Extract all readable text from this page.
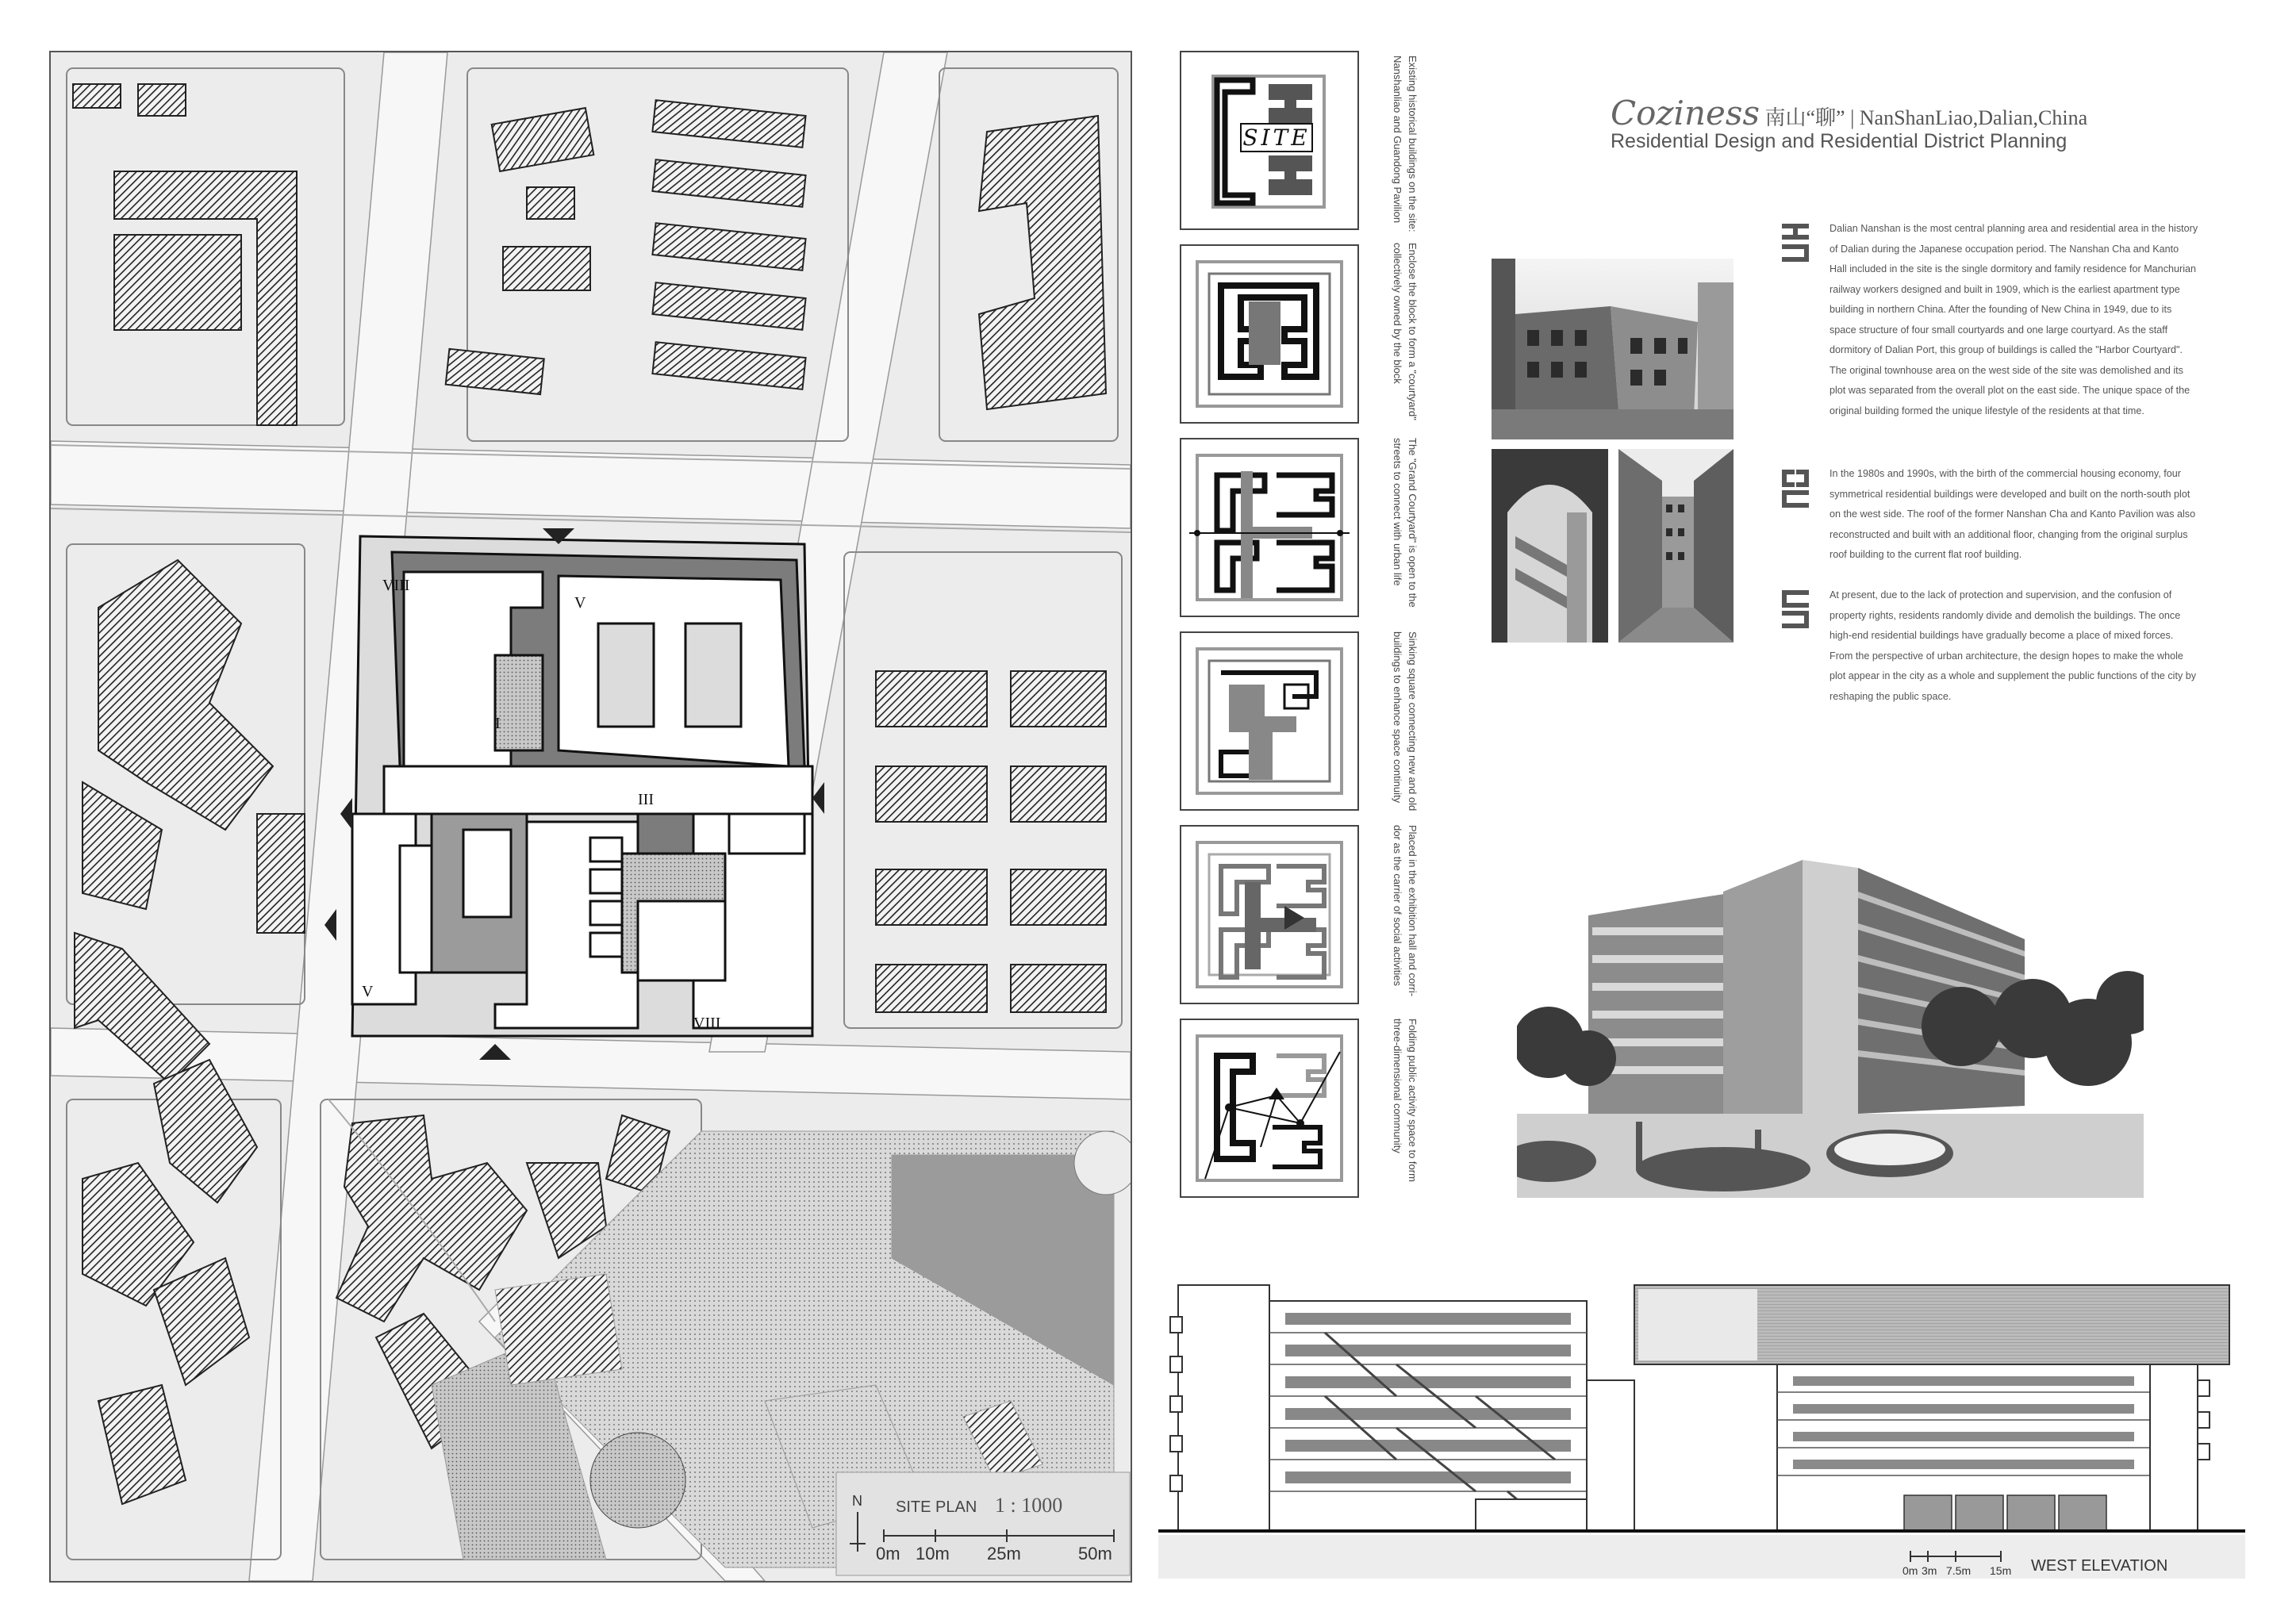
VIII
V
I
III
V
VIII
N SITE PLAN 1 : 1000
0m 10m 25m	50m
SITE	Existing historical buildings on the site:
Nanshanliao and Guandong Pavilion
Enclose the block to form a "courtyard"
collectively owned by the block
The "Grand Courtyard" is open to the
streets to connect with urban life
Sinking square connecting new and old
buildings to enhance space continuity
Placed in the exhibition hall and corri-
dor as the carrier of social activities
Folding public activity space to form
three-dimensional community
Coziness 南山“聊” | NanShanLiao,Dalian,China
Residential Design and Residential District Planning
Dalian Nanshan is the most central planning area and residential area in the history of Dalian during the Japanese occupation period. The Nanshan Cha and Kanto Hall included in the site is the single dormitory and family residence for Manchurian railway workers designed and built in 1909, which is the earliest apartment type building in northern China. After the founding of New China in 1949, due to its space structure of four small courtyards and one large courtyard. As the staff dormitory of Dalian Port, this group of buildings is called the "Harbor Courtyard". The original townhouse area on the west side of the site was demolished and its plot was separated from the overall plot on the east side. The unique space of the original building formed the unique lifestyle of the residents at that time.
In the 1980s and 1990s, with the birth of the commercial housing economy, four symmetrical residential buildings were developed and built on the north-south plot on the west side. The roof of the former Nanshan Cha and Kanto Pavilion was also reconstructed and built with an additional floor, changing from the original surplus roof building to the current flat roof building.
At present, due to the lack of protection and supervision, and the confusion of property rights, residents randomly divide and demolish the buildings. The once high-end residential buildings have gradually become a place of mixed forces. From the perspective of urban architecture, the design hopes to make the whole plot appear in the city as a whole and supplement the public functions of the city by reshaping the public space.
0m 3m 7.5m 15m WEST ELEVATION
